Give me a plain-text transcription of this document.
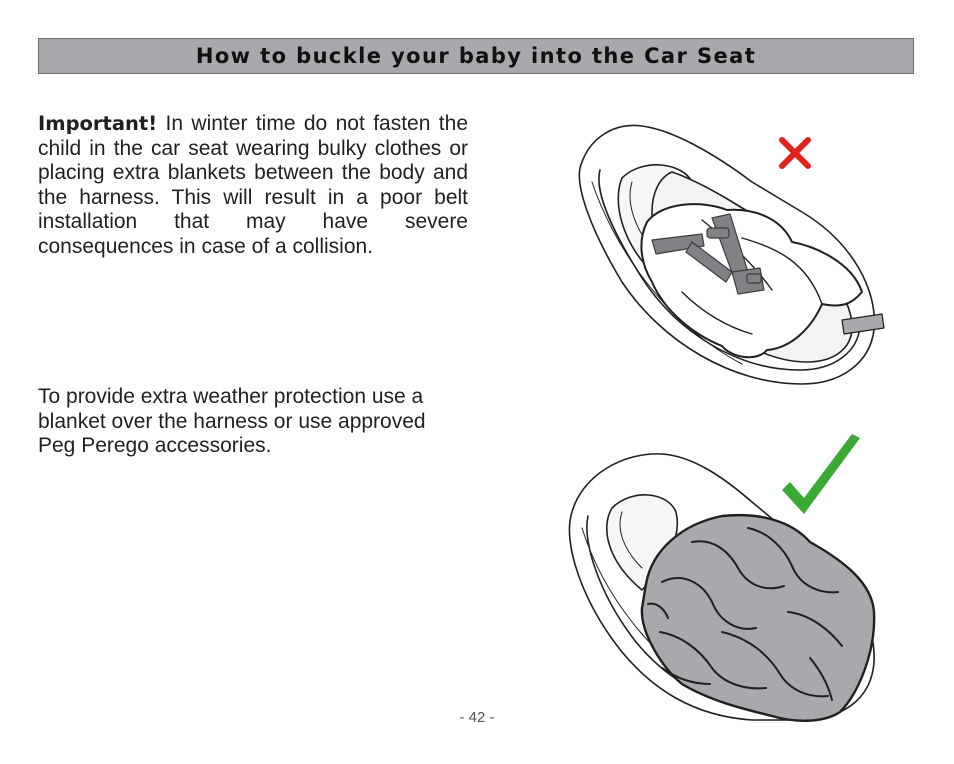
How to buckle your baby into the Car Seat
Important! In winter time do not fasten the child in the car seat wearing bulky clothes or placing extra blankets between the body and the harness. This will result in a poor belt installation that may have severe consequences in case of a collision.
To provide extra weather protection use a blanket over the harness or use approved Peg Perego accessories.
- 42 -
